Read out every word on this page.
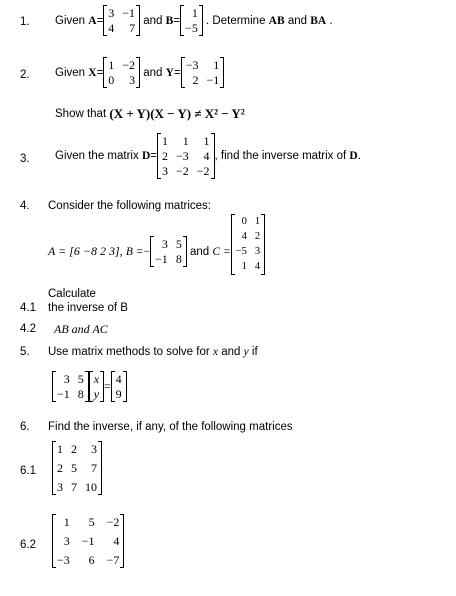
1. Given
A =
3 −1
4	7

and
B =
1
−5

. Determine
AB
and
BA
.
2. Given
X =
1 −2
0	3

and
Y =
−3	1
2 −1
Show that
(X + Y)(X − Y) ≠ X² − Y²
3. Given the matrix
D =
1	1	1
2 −3	4
3 −2 −2
, find the inverse matrix of
D .
4. Consider the following matrices:
A = [6 −8 2 3],
B = −
3 5
−1 8

and
C =
0 1
4 2
−5 3
1 4
Calculate
4.1 the inverse of B
4.2 AB and AC
5. Use matrix methods to solve for
x
and
y
if
3 5
−1 8
x
y
=
4
9
6. Find the inverse, if any, of the following matrices
6.1
1 2	3
2 5	7
3 7 10
6.2
1	5 −2
3 −1	4
−3	6 −7
